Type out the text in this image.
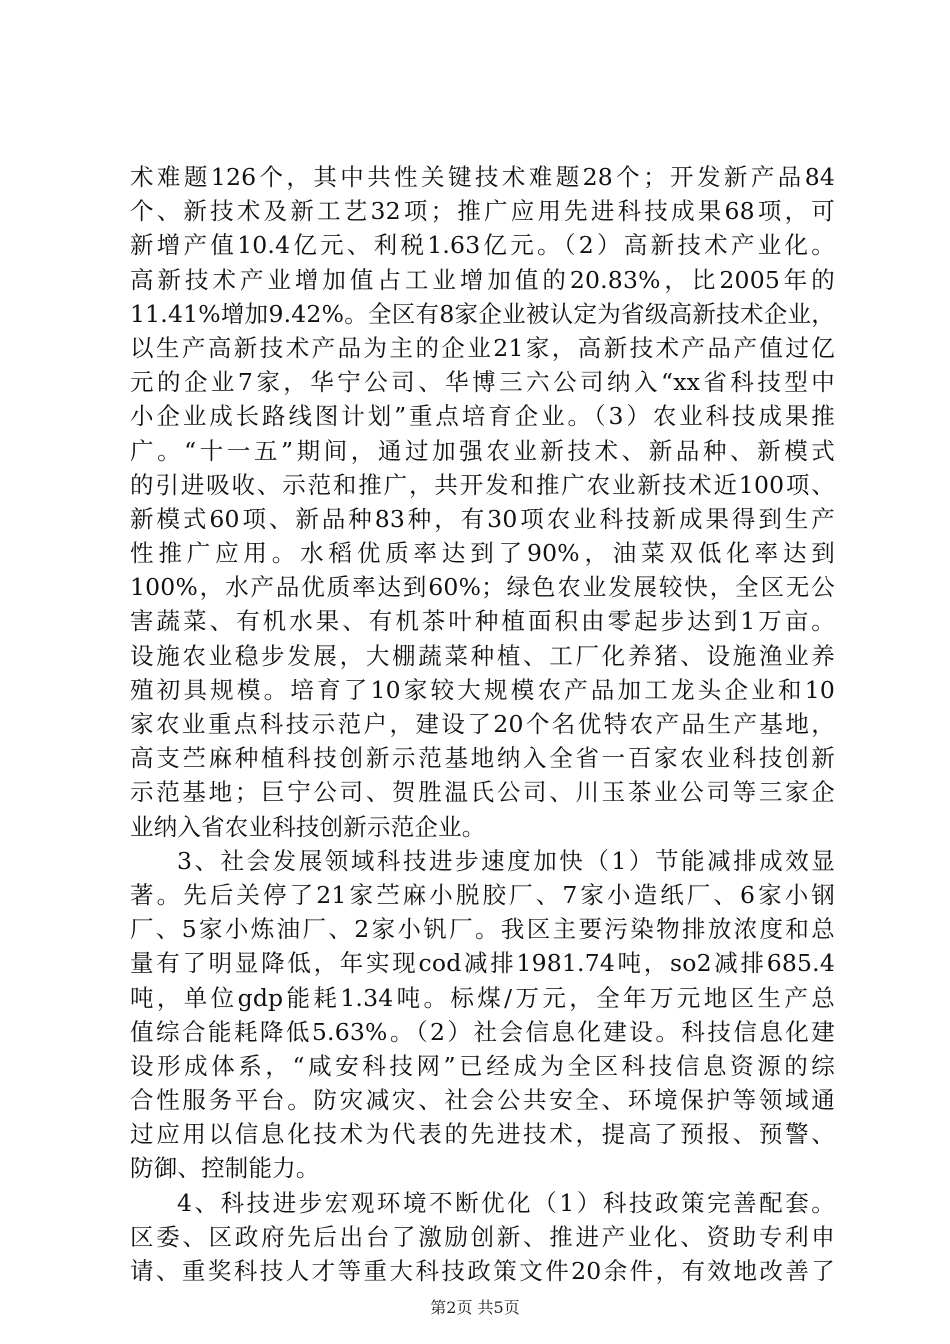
术难题126个，其中共性关键技术难题28个；开发新产品84
个、新技术及新工艺32项；推广应用先进科技成果68项，可
新增产值10.4亿元、利税1.63亿元。（2）高新技术产业化。
高新技术产业增加值占工业增加值的20.83%，比2005年的
11.41%增加9.42%。全区有8家企业被认定为省级高新技术企业，
以生产高新技术产品为主的企业21家，高新技术产品产值过亿
元的企业7家，华宁公司、华博三六公司纳入“xx省科技型中
小企业成长路线图计划”重点培育企业。（3）农业科技成果推
广。“十一五”期间，通过加强农业新技术、新品种、新模式
的引进吸收、示范和推广，共开发和推广农业新技术近100项、
新模式60项、新品种83种，有30项农业科技新成果得到生产
性推广应用。水稻优质率达到了90%，油菜双低化率达到
100%，水产品优质率达到60%；绿色农业发展较快，全区无公
害蔬菜、有机水果、有机茶叶种植面积由零起步达到1万亩。
设施农业稳步发展，大棚蔬菜种植、工厂化养猪、设施渔业养
殖初具规模。培育了10家较大规模农产品加工龙头企业和10
家农业重点科技示范户，建设了20个名优特农产品生产基地，
高支苎麻种植科技创新示范基地纳入全省一百家农业科技创新
示范基地；巨宁公司、贺胜温氏公司、川玉茶业公司等三家企
业纳入省农业科技创新示范企业。
3、社会发展领域科技进步速度加快（1）节能减排成效显
著。先后关停了21家苎麻小脱胶厂、7家小造纸厂、6家小钢
厂、5家小炼油厂、2家小钒厂。我区主要污染物排放浓度和总
量有了明显降低，年实现cod减排1981.74吨，so2减排685.4
吨，单位gdp能耗1.34吨。标煤/万元，全年万元地区生产总
值综合能耗降低5.63%。（2）社会信息化建设。科技信息化建
设形成体系，“咸安科技网”已经成为全区科技信息资源的综
合性服务平台。防灾减灾、社会公共安全、环境保护等领域通
过应用以信息化技术为代表的先进技术，提高了预报、预警、
防御、控制能力。
4、科技进步宏观环境不断优化（1）科技政策完善配套。
区委、区政府先后出台了激励创新、推进产业化、资助专利申
请、重奖科技人才等重大科技政策文件20余件，有效地改善了
第2页 共5页
